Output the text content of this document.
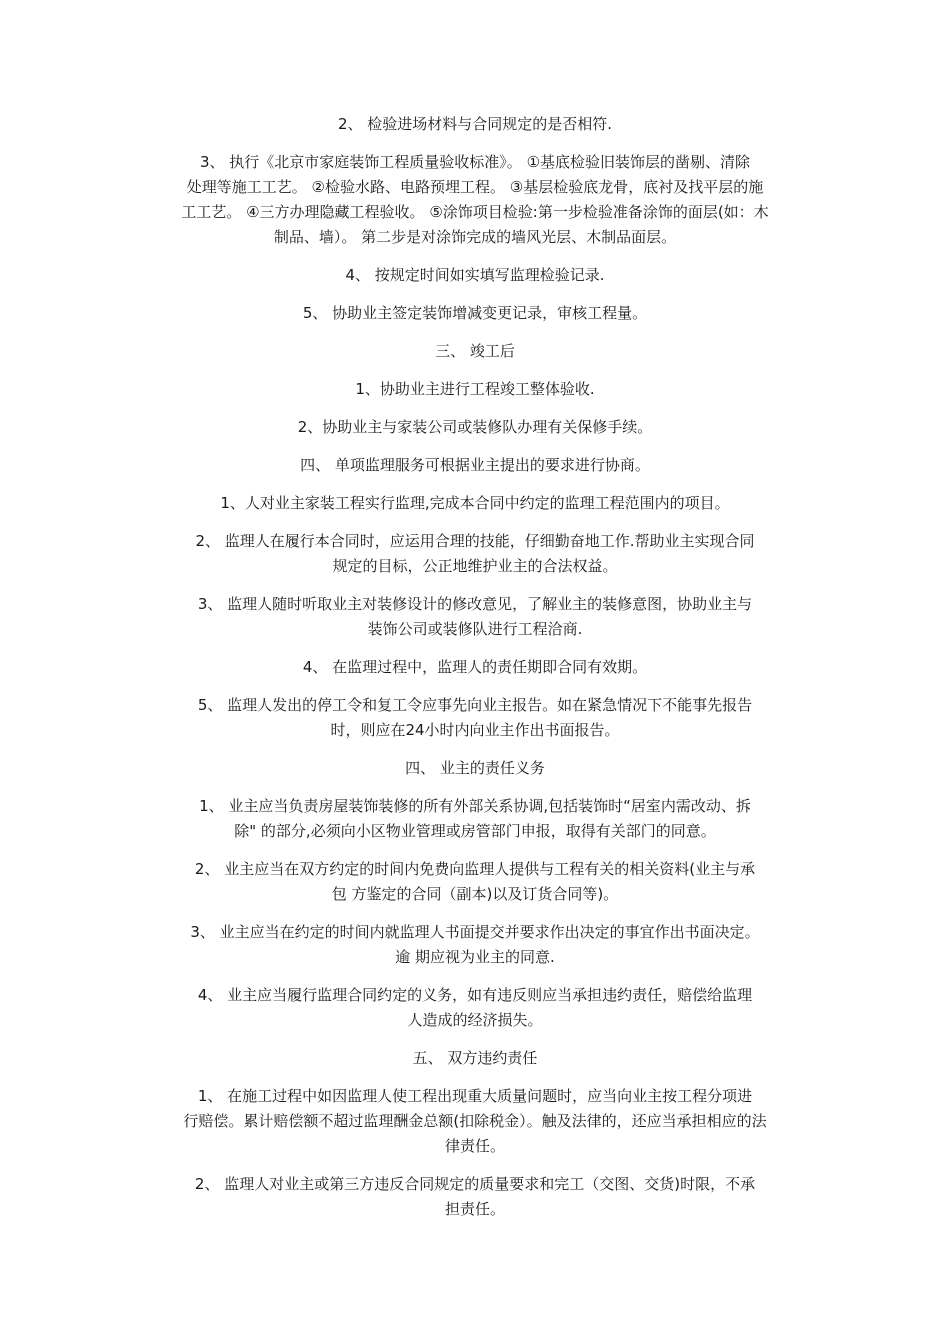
2、 检验进场材料与合同规定的是否相符.
3、 执行《北京市家庭装饰工程质量验收标准》。 ①基底检验旧装饰层的凿剔、清除
处理等施工工艺。 ②检验水路、电路预埋工程。 ③基层检验底龙骨，底衬及找平层的施
工工艺。 ④三方办理隐藏工程验收。 ⑤涂饰项目检验:第一步检验准备涂饰的面层(如：木
制品、墙）。 第二步是对涂饰完成的墙风光层、木制品面层。
4、 按规定时间如实填写监理检验记录.
5、 协助业主签定装饰增减变更记录，审核工程量。
三、 竣工后
1、协助业主进行工程竣工整体验收.
2、协助业主与家装公司或装修队办理有关保修手续。
四、 单项监理服务可根据业主提出的要求进行协商。
1、人对业主家装工程实行监理,完成本合同中约定的监理工程范围内的项目。
2、 监理人在履行本合同时，应运用合理的技能，仔细勤奋地工作.帮助业主实现合同
规定的目标，公正地维护业主的合法权益。
3、 监理人随时听取业主对装修设计的修改意见，了解业主的装修意图，协助业主与
装饰公司或装修队进行工程洽商.
4、 在监理过程中，监理人的责任期即合同有效期。
5、 监理人发出的停工令和复工令应事先向业主报告。如在紧急情况下不能事先报告
时，则应在24小时内向业主作出书面报告。
四、 业主的责任义务
1、 业主应当负责房屋装饰装修的所有外部关系协调,包括装饰时“居室内需改动、拆
除" 的部分,必须向小区物业管理或房管部门申报，取得有关部门的同意。
2、 业主应当在双方约定的时间内免费向监理人提供与工程有关的相关资料(业主与承
包 方鉴定的合同（副本)以及订货合同等)。
3、 业主应当在约定的时间内就监理人书面提交并要求作出决定的事宜作出书面决定。
逾 期应视为业主的同意.
4、 业主应当履行监理合同约定的义务，如有违反则应当承担违约责任，赔偿给监理
人造成的经济损失。
五、 双方违约责任
1、 在施工过程中如因监理人使工程出现重大质量问题时，应当向业主按工程分项进
行赔偿。累计赔偿额不超过监理酬金总额(扣除税金）。触及法律的，还应当承担相应的法
律责任。
2、 监理人对业主或第三方违反合同规定的质量要求和完工（交图、交货)时限，不承
担责任。
